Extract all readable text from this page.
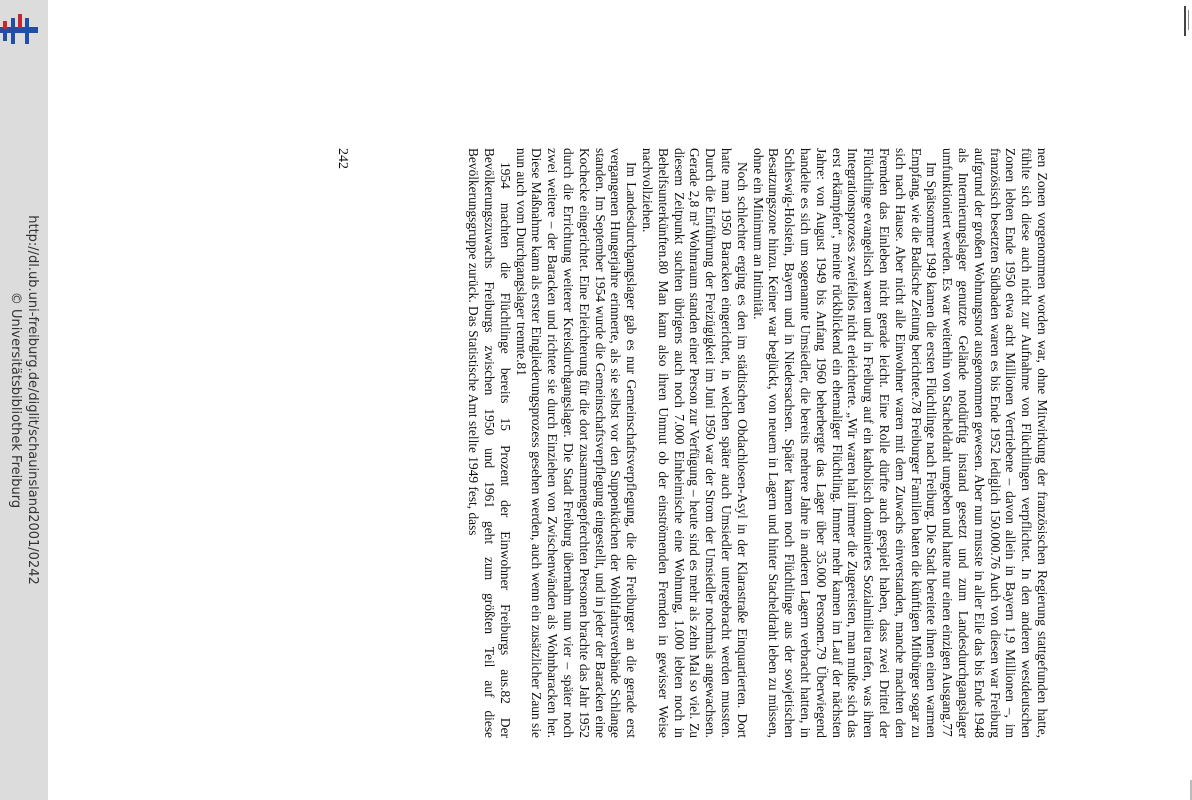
http://dl.ub.uni-freiburg.de/diglit/schauinsland2001/0242
© Universitätsbibliothek Freiburg	nen Zonen vorgenommen worden war, ohne Mitwirkung der französischen Regierung stattgefunden hatte, fühlte sich diese auch nicht zur Aufnahme von Flüchtlingen verpflichtet. In den anderen westdeutschen Zonen lebten Ende 1950 etwa acht Millionen Vertriebene – davon allein in Bayern 1,9 Millionen –, im französisch besetzten Südbaden waren es bis Ende 1952 lediglich 150.000.76 Auch von diesen war Freiburg aufgrund der großen Wohnungsnot ausgenommen gewesen. Aber nun musste in aller Eile das bis Ende 1948 als Internierungslager genutzte Gelände notdürftig instand gesetzt und zum Landesdurchgangslager umfunktioniert werden. Es war weiterhin von Stacheldraht umgeben und hatte nur einen einzigen Ausgang.77

Im Spätsommer 1949 kamen die ersten Flüchtlinge nach Freiburg. Die Stadt bereitete ihnen einen warmen Empfang, wie die Badische Zeitung berichtete.78 Freiburger Familien baten die künftigen Mitbürger sogar zu sich nach Hause. Aber nicht alle Einwohner waren mit dem Zuwachs einverstanden, manche machten den Fremden das Einleben nicht gerade leicht. Eine Rolle dürfte auch gespielt haben, dass zwei Drittel der Flüchtlinge evangelisch waren und in Freiburg auf ein katholisch dominiertes Sozialmilieu trafen, was ihren Integrationsprozess zweifellos nicht erleichterte. „Wir waren halt immer die Zugereisten, man mußte sich das erst erkämpfen“, meinte rückblickend ein ehemaliger Flüchtling. Immer mehr kamen im Lauf der nächsten Jahre: von August 1949 bis Anfang 1960 beherbergte das Lager über 35.000 Personen.79 Überwiegend handelte es sich um sogenannte Umsiedler, die bereits mehrere Jahre in anderen Lagern verbracht hatten, in Schleswig-Holstein, Bayern und in Niedersachsen. Später kamen noch Flüchtlinge aus der sowjetischen Besatzungszone hinzu. Keiner war beglückt, von neuem in Lagern und hinter Stacheldraht leben zu müssen, ohne ein Minimum an Intimität.

Noch schlechter erging es den im städtischen Obdachlosen-Asyl in der Klarastraße Einquartierten. Dort hatte man 1950 Baracken eingerichtet, in welchen später auch Umsiedler untergebracht werden mussten. Durch die Einführung der Freizügigkeit im Juni 1950 war der Strom der Umsiedler nochmals angewachsen. Gerade 2,8 m² Wohnraum standen einer Person zur Verfügung – heute sind es mehr als zehn Mal so viel. Zu diesem Zeitpunkt suchten übrigens auch noch 7.000 Einheimische eine Wohnung, 1.000 lebten noch in Behelfsunterkünften.80 Man kann also ihren Unmut ob der einströmenden Fremden in gewisser Weise nachvollziehen.

Im Landesdurchgangslager gab es nur Gemeinschaftsverpflegung, die die Freiburger an die gerade erst vergangenen Hungerjahre erinnerte, als sie selbst vor den Suppenküchen der Wohlfahrtsverbände Schlange standen. Im September 1954 wurde die Gemeinschaftsverpflegung eingestellt, und in jeder der Baracken eine Kochecke eingerichtet. Eine Erleichterung für die dort zusammengepferchten Personen brachte das Jahr 1952 durch die Errichtung weiterer Kreisdurchgangslager. Die Stadt Freiburg übernahm nun vier – später noch zwei weitere – der Baracken und richtete sie durch Einziehen von Zwischenwänden als Wohnbaracken her. Diese Maßnahme kann als erster Eingliederungsprozess gesehen werden, auch wenn ein zusätzlicher Zaun sie nun auch vom Durchgangslager trennte.81

1954 machten die Flüchtlinge bereits 15 Prozent der Einwohner Freiburgs aus.82 Der Bevölkerungszuwachs Freiburgs zwischen 1950 und 1961 geht zum größten Teil auf diese Bevölkerungsgruppe zurück. Das Statistische Amt stellte 1949 fest, dass

242
